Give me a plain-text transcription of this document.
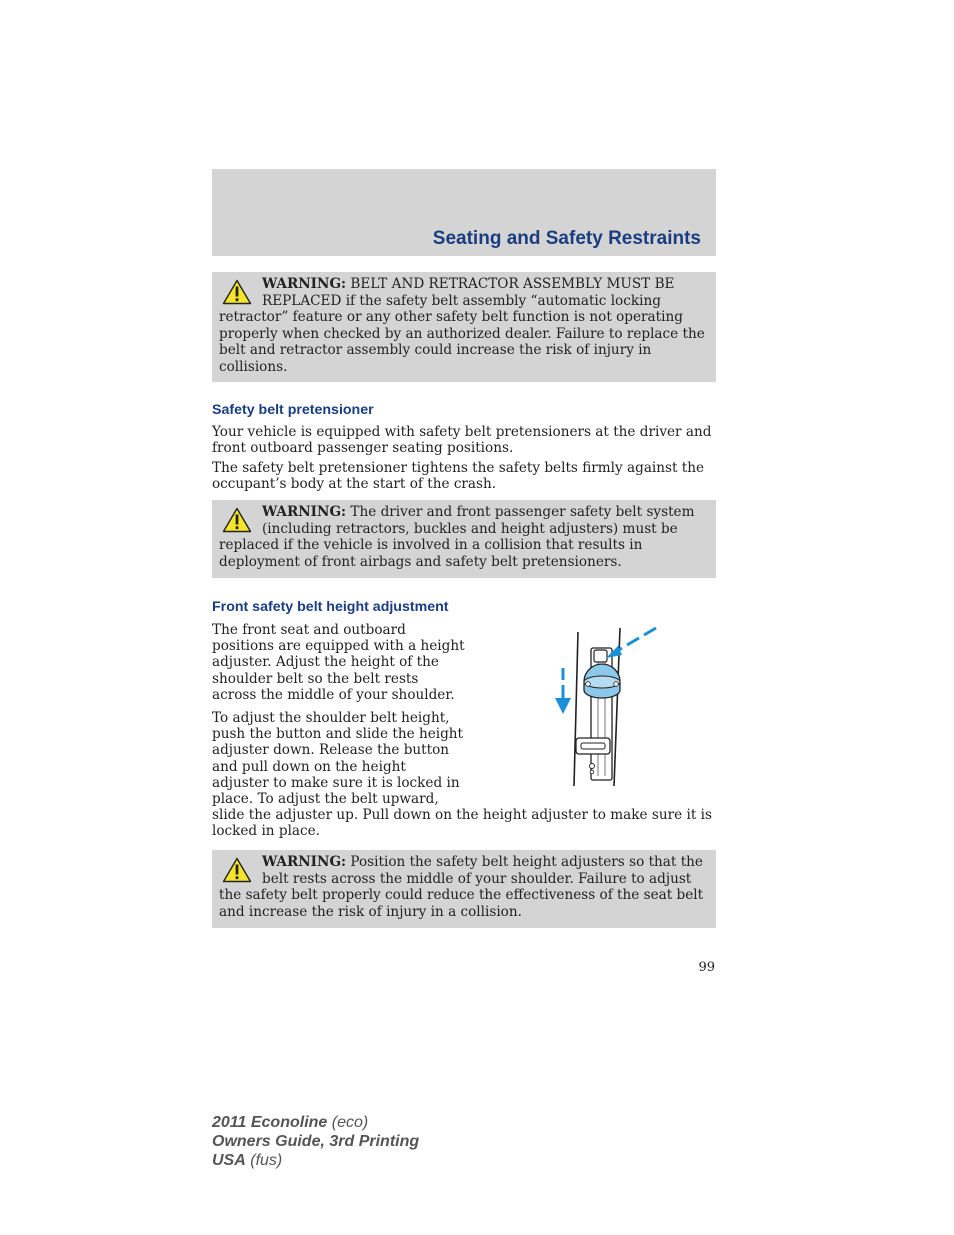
Seating and Safety Restraints
WARNING: BELT AND RETRACTOR ASSEMBLY MUST BE
REPLACED if the safety belt assembly “automatic locking
retractor” feature or any other safety belt function is not operating
properly when checked by an authorized dealer. Failure to replace the
belt and retractor assembly could increase the risk of injury in
collisions.
Safety belt pretensioner
Your vehicle is equipped with safety belt pretensioners at the driver and
front outboard passenger seating positions.
The safety belt pretensioner tightens the safety belts firmly against the
occupant’s body at the start of the crash.
WARNING: The driver and front passenger safety belt system
(including retractors, buckles and height adjusters) must be
replaced if the vehicle is involved in a collision that results in
deployment of front airbags and safety belt pretensioners.
Front safety belt height adjustment
The front seat and outboard
positions are equipped with a height
adjuster. Adjust the height of the
shoulder belt so the belt rests
across the middle of your shoulder.
To adjust the shoulder belt height,
push the button and slide the height
adjuster down. Release the button
and pull down on the height
adjuster to make sure it is locked in
place. To adjust the belt upward,
slide the adjuster up. Pull down on the height adjuster to make sure it is
locked in place.
WARNING: Position the safety belt height adjusters so that the
belt rests across the middle of your shoulder. Failure to adjust
the safety belt properly could reduce the effectiveness of the seat belt
and increase the risk of injury in a collision.
99
2011 Econoline (eco)
Owners Guide, 3rd Printing
USA (fus)
